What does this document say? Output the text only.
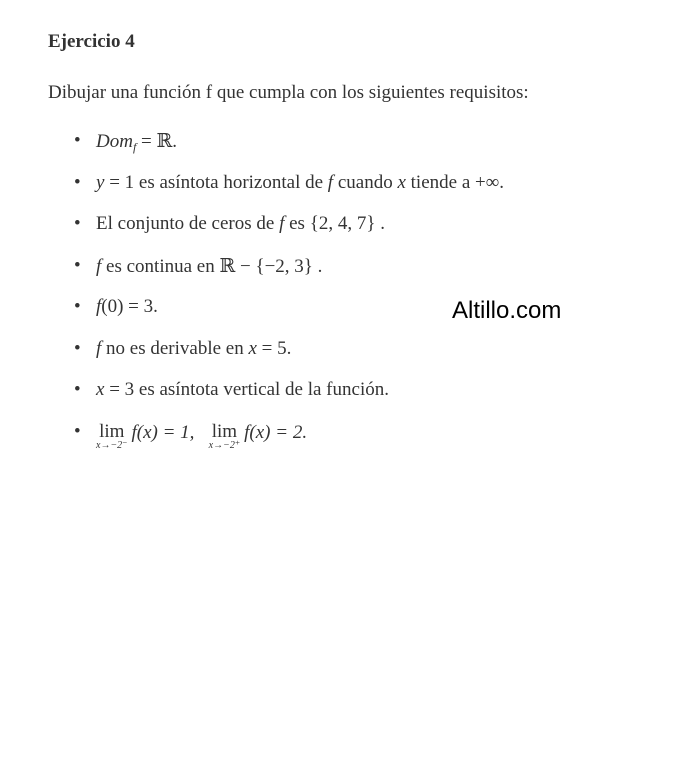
Ejercicio 4

Dibujar una función f que cumpla con los siguientes requisitos:

• Dom$_f$ = ℝ.
• y = 1 es asíntota horizontal de f cuando x tiende a +∞.
• El conjunto de ceros de f es {2, 4, 7} .
• f es continua en ℝ − {−2, 3} .
• f(0) = 3.
• f no es derivable en x = 5.
• x = 3 es asíntota vertical de la función.
• lim
x→−2⁻
f(x) = 1,
lim
x→−2⁺
f(x) = 2.
Altillo.com
